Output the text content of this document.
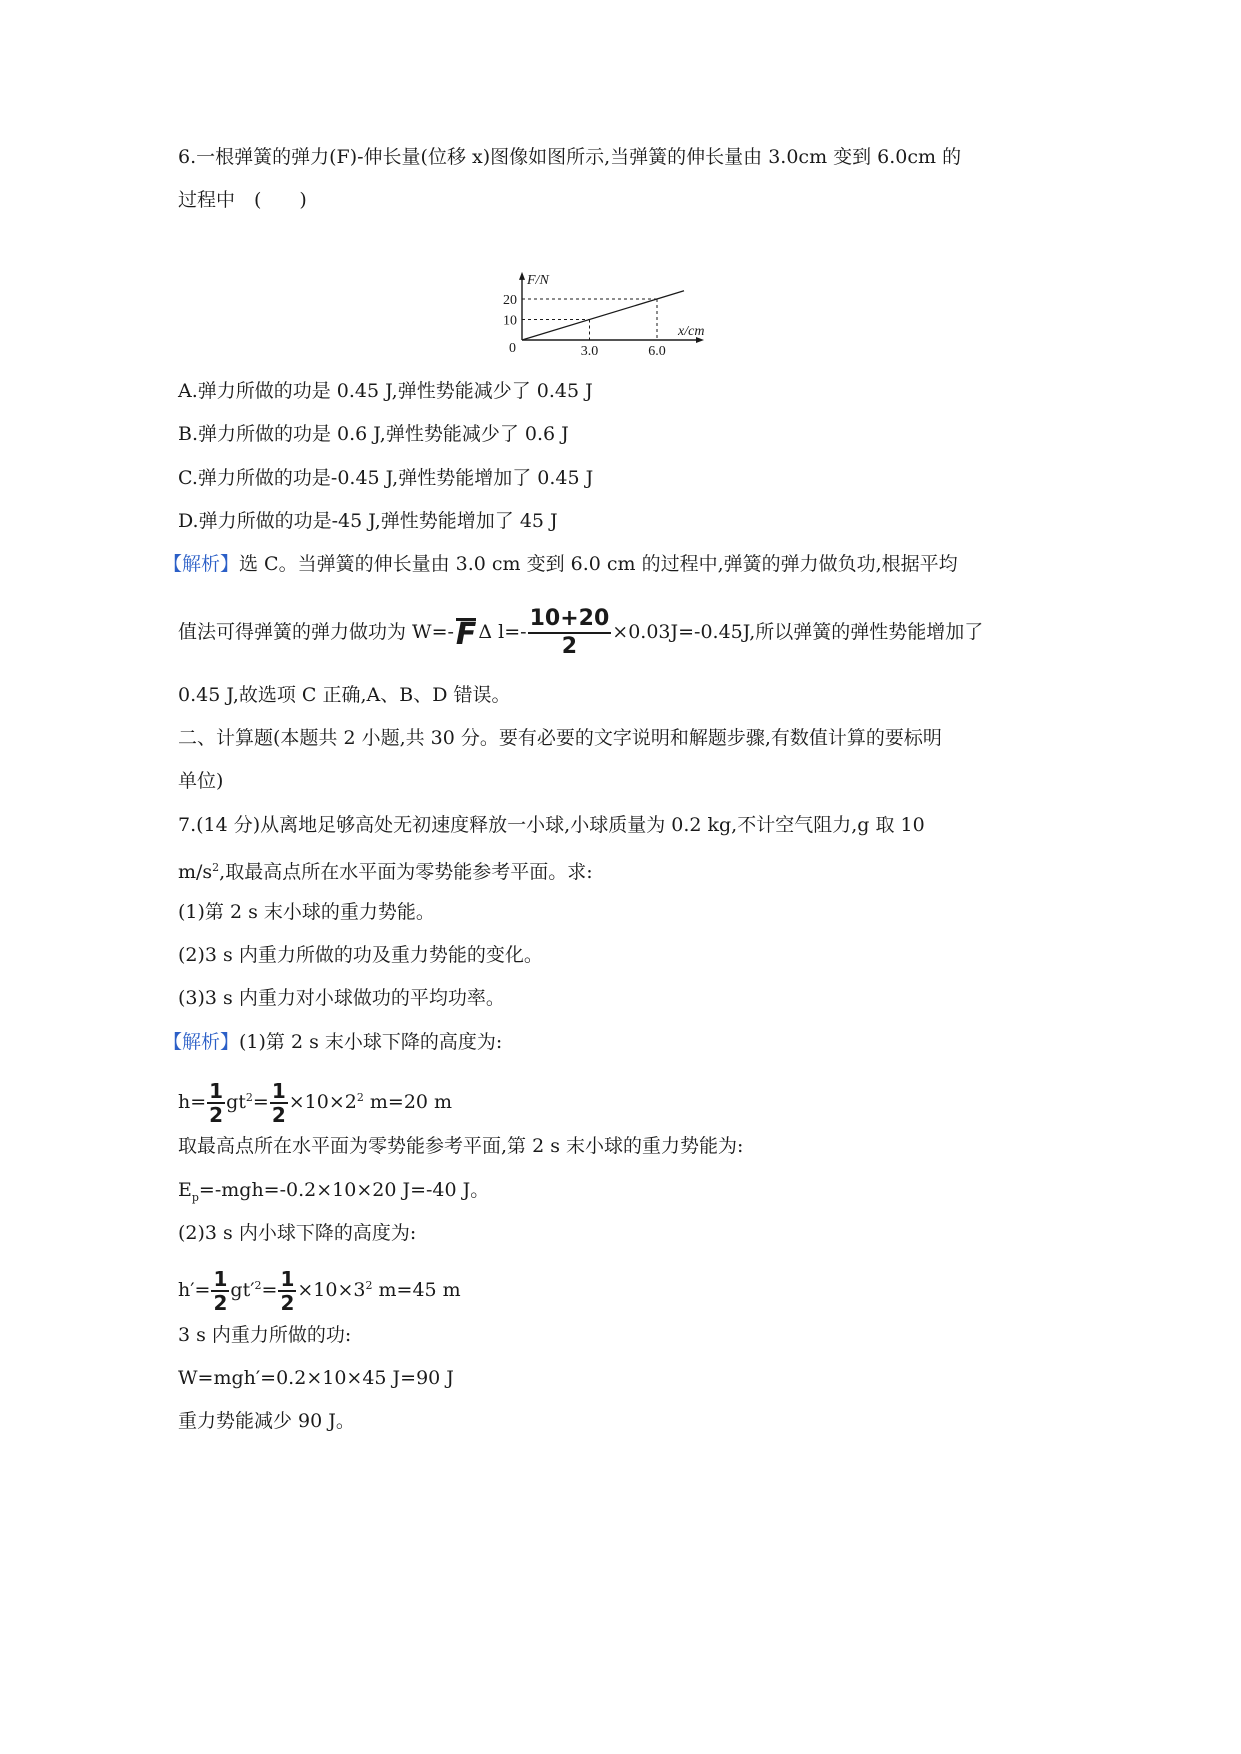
6.一根弹簧的弹力(F)-伸长量(位移 x)图像如图所示,当弹簧的伸长量由 3.0cm 变到 6.0cm 的
过程中　(　　)
3.0
10
6.0
20
0
x/cm
F/N
A.弹力所做的功是 0.45 J,弹性势能减少了 0.45 J
B.弹力所做的功是 0.6 J,弹性势能减少了 0.6 J
C.弹力所做的功是-0.45 J,弹性势能增加了 0.45 J
D.弹力所做的功是-45 J,弹性势能增加了 45 J
【解析】选 C。当弹簧的伸长量由 3.0 cm 变到 6.0 cm 的过程中,弹簧的弹力做负功,根据平均
值法可得弹簧的弹力做功为 W=-F Δ $l=- \frac{10+20}{2} \times 0.03J=-0.45J$,所以弹簧的弹性势能增加了
0.45 J,故选项 C 正确,A、B、D 错误。
二、计算题(本题共 2 小题,共 30 分。要有必要的文字说明和解题步骤,有数值计算的要标明
单位)
7.(14 分)从离地足够高处无初速度释放一小球,小球质量为 0.2 kg,不计空气阻力,g 取 10
$m/s^2$,取最高点所在水平面为零势能参考平面。求:
(1)第 2 s 末小球的重力势能。
(2)3 s 内重力所做的功及重力势能的变化。
(3)3 s 内重力对小球做功的平均功率。
【解析】(1)第 2 s 末小球下降的高度为:
$h= \frac{1}{2} gt^2= \frac{1}{2} \times 10\times 2^2$ m=20 m
取最高点所在水平面为零势能参考平面,第 2 s 末小球的重力势能为:
$E_p=-mgh=-0.2\times 10\times 20$ J=-40 J。
(2)3 s 内小球下降的高度为:
$h'= \frac{1}{2} gt'^2= \frac{1}{2} \times 10\times 3^2$ m=45 m
3 s 内重力所做的功:
W=mgh′=0.2×10×45 J=90 J
重力势能减少 90 J。
